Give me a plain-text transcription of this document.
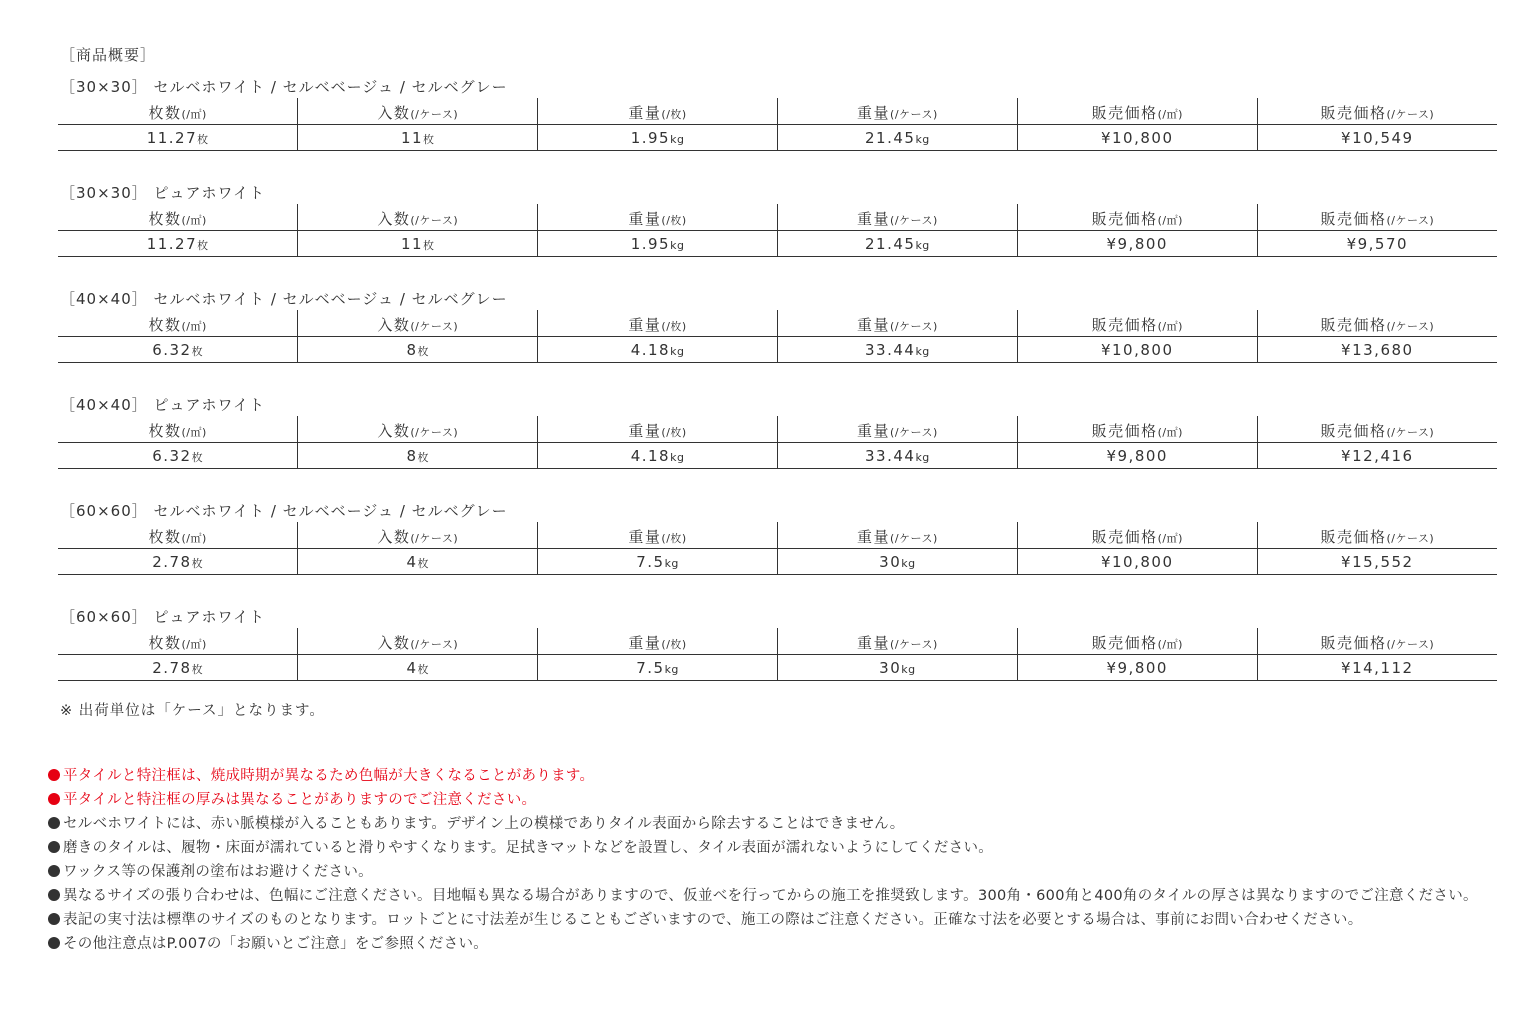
［商品概要］
［30×30］ セルベホワイト / セルベベージュ / セルベグレー
枚数(/㎡)	入数(/ケース)	重量(/枚)	重量(/ケース)	販売価格(/㎡)	販売価格(/ケース)
11.27枚	11枚	1.95kg	21.45kg	¥10,800	¥10,549
［30×30］ ピュアホワイト
枚数(/㎡)	入数(/ケース)	重量(/枚)	重量(/ケース)	販売価格(/㎡)	販売価格(/ケース)
11.27枚	11枚	1.95kg	21.45kg	¥9,800	¥9,570
［40×40］ セルベホワイト / セルベベージュ / セルベグレー
枚数(/㎡)	入数(/ケース)	重量(/枚)	重量(/ケース)	販売価格(/㎡)	販売価格(/ケース)
6.32枚	8枚	4.18kg	33.44kg	¥10,800	¥13,680
［40×40］ ピュアホワイト
枚数(/㎡)	入数(/ケース)	重量(/枚)	重量(/ケース)	販売価格(/㎡)	販売価格(/ケース)
6.32枚	8枚	4.18kg	33.44kg	¥9,800	¥12,416
［60×60］ セルベホワイト / セルベベージュ / セルベグレー
枚数(/㎡)	入数(/ケース)	重量(/枚)	重量(/ケース)	販売価格(/㎡)	販売価格(/ケース)
2.78枚	4枚	7.5kg	30kg	¥10,800	¥15,552
［60×60］ ピュアホワイト
枚数(/㎡)	入数(/ケース)	重量(/枚)	重量(/ケース)	販売価格(/㎡)	販売価格(/ケース)
2.78枚	4枚	7.5kg	30kg	¥9,800	¥14,112
※ 出荷単位は「ケース」となります。
平タイルと特注框は、焼成時期が異なるため色幅が大きくなることがあります。
平タイルと特注框の厚みは異なることがありますのでご注意ください。
セルベホワイトには、赤い脈模様が入ることもあります。デザイン上の模様でありタイル表面から除去することはできません。
磨きのタイルは、履物・床面が濡れていると滑りやすくなります。足拭きマットなどを設置し、タイル表面が濡れないようにしてください。
ワックス等の保護剤の塗布はお避けください。
異なるサイズの張り合わせは、色幅にご注意ください。目地幅も異なる場合がありますので、仮並べを行ってからの施工を推奨致します。300角・600角と400角のタイルの厚さは異なりますのでご注意ください。
表記の実寸法は標準のサイズのものとなります。ロットごとに寸法差が生じることもございますので、施工の際はご注意ください。正確な寸法を必要とする場合は、事前にお問い合わせください。
その他注意点はP.007の「お願いとご注意」をご参照ください。
